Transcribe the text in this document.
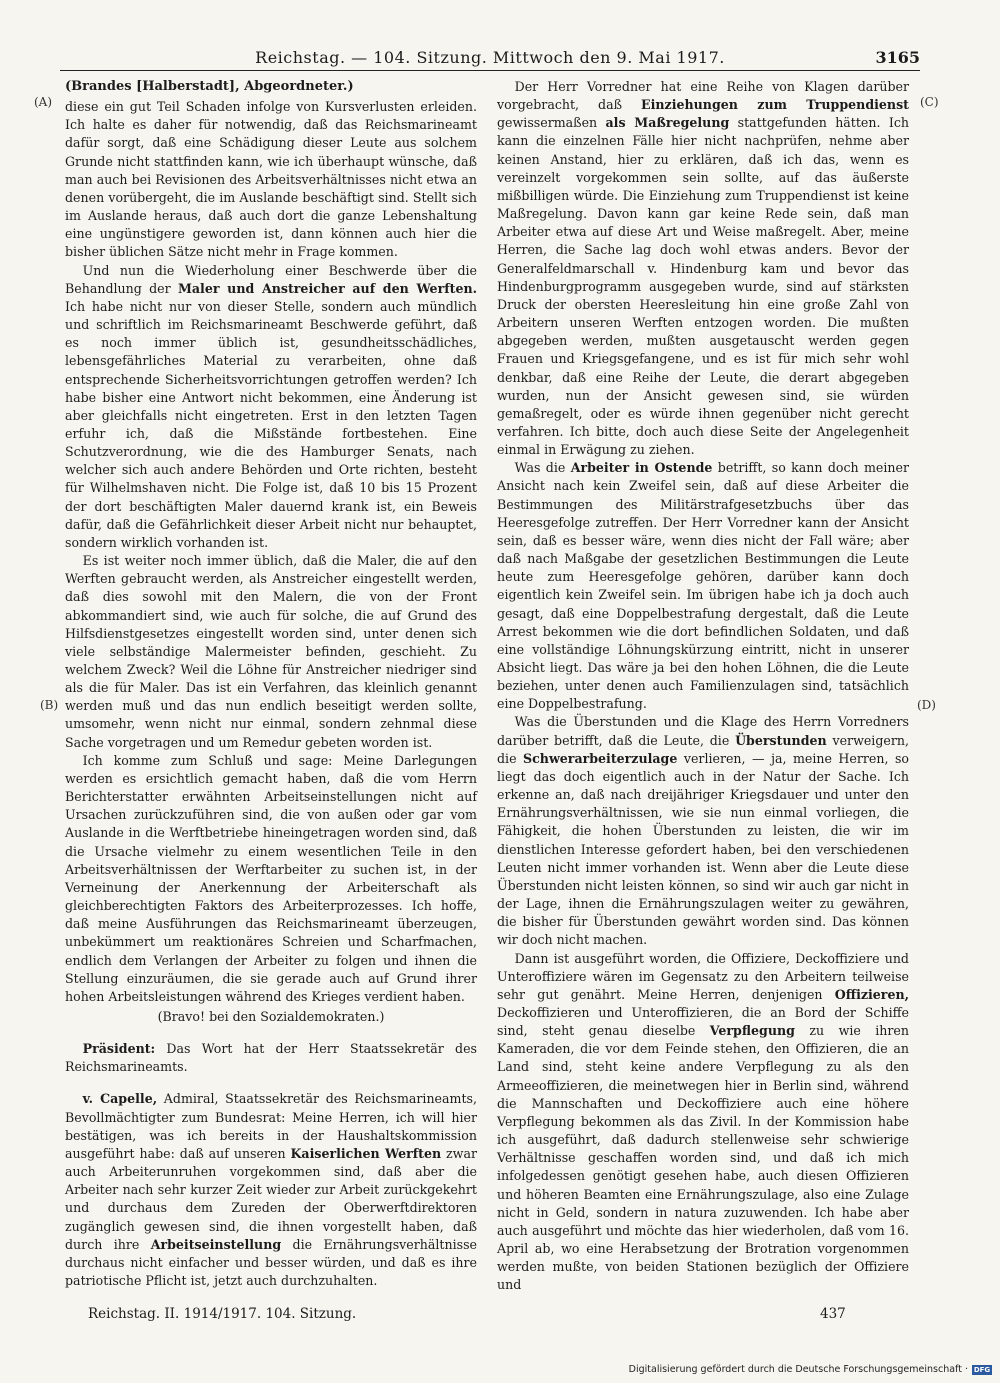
Reichstag. — 104. Sitzung. Mittwoch den 9. Mai 1917.	3165
(A)
(B)
(C)
(D)
(Brandes [Halberstadt], Abgeordneter.)

diese ein gut Teil Schaden infolge von Kursverlusten erleiden. Ich halte es daher für notwendig, daß das Reichsmarineamt dafür sorgt, daß eine Schädigung dieser Leute aus solchem Grunde nicht stattfinden kann, wie ich überhaupt wünsche, daß man auch bei Revisionen des Arbeitsverhältnisses nicht etwa an denen vorübergeht, die im Auslande beschäftigt sind. Stellt sich im Auslande heraus, daß auch dort die ganze Lebenshaltung eine ungünstigere geworden ist, dann können auch hier die bisher üblichen Sätze nicht mehr in Frage kommen.

Und nun die Wiederholung einer Beschwerde über die Behandlung der Maler und Anstreicher auf den Werften. Ich habe nicht nur von dieser Stelle, sondern auch mündlich und schriftlich im Reichsmarineamt Beschwerde geführt, daß es noch immer üblich ist, gesundheitsschädliches, lebensgefährliches Material zu verarbeiten, ohne daß entsprechende Sicherheitsvorrichtungen getroffen werden? Ich habe bisher eine Antwort nicht bekommen, eine Änderung ist aber gleichfalls nicht eingetreten. Erst in den letzten Tagen erfuhr ich, daß die Mißstände fortbestehen. Eine Schutzverordnung, wie die des Hamburger Senats, nach welcher sich auch andere Behörden und Orte richten, besteht für Wilhelmshaven nicht. Die Folge ist, daß 10 bis 15 Prozent der dort beschäftigten Maler dauernd krank ist, ein Beweis dafür, daß die Gefährlichkeit dieser Arbeit nicht nur behauptet, sondern wirklich vorhanden ist.

Es ist weiter noch immer üblich, daß die Maler, die auf den Werften gebraucht werden, als Anstreicher eingestellt werden, daß dies sowohl mit den Malern, die von der Front abkommandiert sind, wie auch für solche, die auf Grund des Hilfsdienstgesetzes eingestellt worden sind, unter denen sich viele selbständige Malermeister befinden, geschieht. Zu welchem Zweck? Weil die Löhne für Anstreicher niedriger sind als die für Maler. Das ist ein Verfahren, das kleinlich genannt werden muß und das nun endlich beseitigt werden sollte, umsomehr, wenn nicht nur einmal, sondern zehnmal diese Sache vorgetragen und um Remedur gebeten worden ist.

Ich komme zum Schluß und sage: Meine Darlegungen werden es ersichtlich gemacht haben, daß die vom Herrn Berichterstatter erwähnten Arbeitseinstellungen nicht auf Ursachen zurückzuführen sind, die von außen oder gar vom Auslande in die Werftbetriebe hineingetragen worden sind, daß die Ursache vielmehr zu einem wesentlichen Teile in den Arbeitsverhältnissen der Werftarbeiter zu suchen ist, in der Verneinung der Anerkennung der Arbeiterschaft als gleichberechtigten Faktors des Arbeiterprozesses. Ich hoffe, daß meine Ausführungen das Reichsmarineamt überzeugen, unbekümmert um reaktionäres Schreien und Scharfmachen, endlich dem Verlangen der Arbeiter zu folgen und ihnen die Stellung einzuräumen, die sie gerade auch auf Grund ihrer hohen Arbeitsleistungen während des Krieges verdient haben.

(Bravo! bei den Sozialdemokraten.)

Präsident: Das Wort hat der Herr Staatssekretär des Reichsmarineamts.

v. Capelle, Admiral, Staatssekretär des Reichsmarineamts, Bevollmächtigter zum Bundesrat: Meine Herren, ich will hier bestätigen, was ich bereits in der Haushaltskommission ausgeführt habe: daß auf unseren Kaiserlichen Werften zwar auch Arbeiterunruhen vorgekommen sind, daß aber die Arbeiter nach sehr kurzer Zeit wieder zur Arbeit zurückgekehrt und durchaus dem Zureden der Oberwerftdirektoren zugänglich gewesen sind, die ihnen vorgestellt haben, daß durch ihre Arbeitseinstellung die Ernährungsverhältnisse durchaus nicht einfacher und besser würden, und daß es ihre patriotische Pflicht ist, jetzt auch durchzuhalten.

Der Herr Vorredner hat eine Reihe von Klagen darüber vorgebracht, daß Einziehungen zum Truppendienst gewissermaßen als Maßregelung stattgefunden hätten. Ich kann die einzelnen Fälle hier nicht nachprüfen, nehme aber keinen Anstand, hier zu erklären, daß ich das, wenn es vereinzelt vorgekommen sein sollte, auf das äußerste mißbilligen würde. Die Einziehung zum Truppendienst ist keine Maßregelung. Davon kann gar keine Rede sein, daß man Arbeiter etwa auf diese Art und Weise maßregelt. Aber, meine Herren, die Sache lag doch wohl etwas anders. Bevor der Generalfeldmarschall v. Hindenburg kam und bevor das Hindenburgprogramm ausgegeben wurde, sind auf stärksten Druck der obersten Heeresleitung hin eine große Zahl von Arbeitern unseren Werften entzogen worden. Die mußten abgegeben werden, mußten ausgetauscht werden gegen Frauen und Kriegsgefangene, und es ist für mich sehr wohl denkbar, daß eine Reihe der Leute, die derart abgegeben wurden, nun der Ansicht gewesen sind, sie würden gemaßregelt, oder es würde ihnen gegenüber nicht gerecht verfahren. Ich bitte, doch auch diese Seite der Angelegenheit einmal in Erwägung zu ziehen.

Was die Arbeiter in Ostende betrifft, so kann doch meiner Ansicht nach kein Zweifel sein, daß auf diese Arbeiter die Bestimmungen des Militärstrafgesetzbuchs über das Heeresgefolge zutreffen. Der Herr Vorredner kann der Ansicht sein, daß es besser wäre, wenn dies nicht der Fall wäre; aber daß nach Maßgabe der gesetzlichen Bestimmungen die Leute heute zum Heeresgefolge gehören, darüber kann doch eigentlich kein Zweifel sein. Im übrigen habe ich ja doch auch gesagt, daß eine Doppelbestrafung dergestalt, daß die Leute Arrest bekommen wie die dort befindlichen Soldaten, und daß eine vollständige Löhnungskürzung eintritt, nicht in unserer Absicht liegt. Das wäre ja bei den hohen Löhnen, die die Leute beziehen, unter denen auch Familienzulagen sind, tatsächlich eine Doppelbestrafung.

Was die Überstunden und die Klage des Herrn Vorredners darüber betrifft, daß die Leute, die Überstunden verweigern, die Schwerarbeiterzulage verlieren, — ja, meine Herren, so liegt das doch eigentlich auch in der Natur der Sache. Ich erkenne an, daß nach dreijähriger Kriegsdauer und unter den Ernährungsverhältnissen, wie sie nun einmal vorliegen, die Fähigkeit, die hohen Überstunden zu leisten, die wir im dienstlichen Interesse gefordert haben, bei den verschiedenen Leuten nicht immer vorhanden ist. Wenn aber die Leute diese Überstunden nicht leisten können, so sind wir auch gar nicht in der Lage, ihnen die Ernährungszulagen weiter zu gewähren, die bisher für Überstunden gewährt worden sind. Das können wir doch nicht machen.

Dann ist ausgeführt worden, die Offiziere, Deckoffiziere und Unteroffiziere wären im Gegensatz zu den Arbeitern teilweise sehr gut genährt. Meine Herren, denjenigen Offizieren, Deckoffizieren und Unteroffizieren, die an Bord der Schiffe sind, steht genau dieselbe Verpflegung zu wie ihren Kameraden, die vor dem Feinde stehen, den Offizieren, die an Land sind, steht keine andere Verpflegung zu als den Armeeoffizieren, die meinetwegen hier in Berlin sind, während die Mannschaften und Deckoffiziere auch eine höhere Verpflegung bekommen als das Zivil. In der Kommission habe ich ausgeführt, daß dadurch stellenweise sehr schwierige Verhältnisse geschaffen worden sind, und daß ich mich infolgedessen genötigt gesehen habe, auch diesen Offizieren und höheren Beamten eine Ernährungszulage, also eine Zulage nicht in Geld, sondern in natura zuzuwenden. Ich habe aber auch ausgeführt und möchte das hier wiederholen, daß vom 16. April ab, wo eine Herabsetzung der Brotration vorgenommen werden mußte, von beiden Stationen bezüglich der Offiziere und

Reichstag. II. 1914/1917. 104. Sitzung.	437
Digitalisierung gefördert durch die Deutsche Forschungsgemeinschaft · DFG
